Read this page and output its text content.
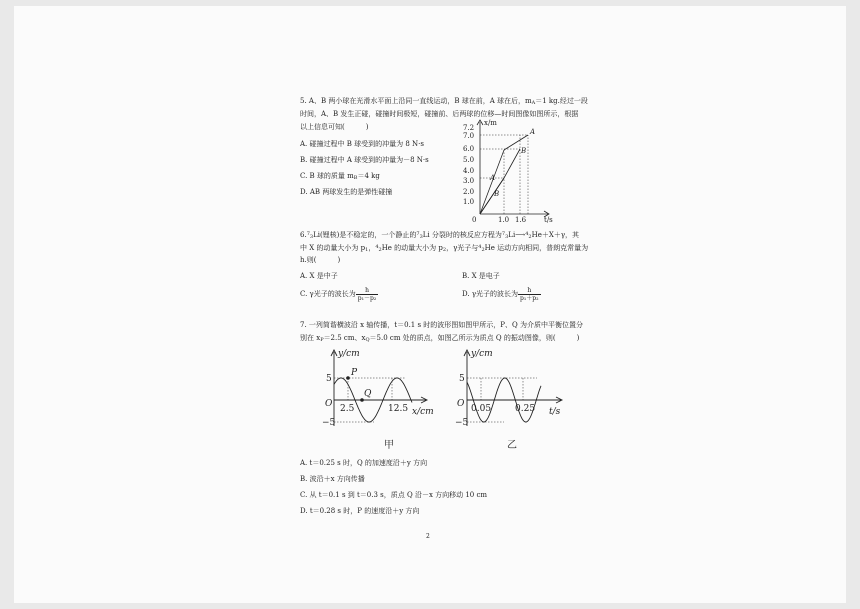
5. A、B 两小球在光滑水平面上沿同一直线运动，B 球在前，A 球在后，$m_A=1$ kg.经过一段
时间，A、B 发生正碰，碰撞时间极短，碰撞前、后两球的位移—时间图像如图所示，根据
以上信息可知(　　　)
A. 碰撞过程中 B 球受到的冲量为 8 N·s
B. 碰撞过程中 A 球受到的冲量为－8 N·s
C. B 球的质量 $m_B=4$ kg
D. AB 两球发生的是弹性碰撞
x/m
t/s
7.2
7.0
6.0
5.0
4.0
3.0
2.0
1.0
0	1.0 1.6
A
B
A
B
6.$^7_3$Li(锂核)是不稳定的，一个静止的$^7_3$Li 分裂时的核反应方程为$^7_3$Li⟶$^4_2$He＋X＋γ，其
中 X 的动量大小为 $p_1$，$^4_2$He 的动量大小为 $p_2$，γ光子与$^4_2$He 运动方向相同，普朗克常量为
h.则(　　　)
A. X 是中子	B. X 是电子
C. γ光子的波长为 $\frac{h}{\text{p₁－p₂}}$	D. γ光子的波长为 $\frac{h}{\text{p₁＋p₂}}$
7. 一列简谐横波沿 x 轴传播，t＝0.1 s 时的波形图如图甲所示，P、Q 为介质中平衡位置分
别在 $x_P=2.5$ cm、$x_Q=5.0$ cm 处的质点，如图乙所示为质点 Q 的振动图像，则(　　　)
y/cm
x/cm
5
−5
O 2.5	12.5
P
Q
甲
y/cm
t/s
5
−5
O 0.05	0.25
乙
A. t＝0.25 s 时，Q 的加速度沿＋y 方向
B. 波沿＋x 方向传播
C. 从 t＝0.1 s 到 t＝0.3 s，质点 Q 沿－x 方向移动 10 cm
D. t＝0.28 s 时，P 的速度沿＋y 方向
2
